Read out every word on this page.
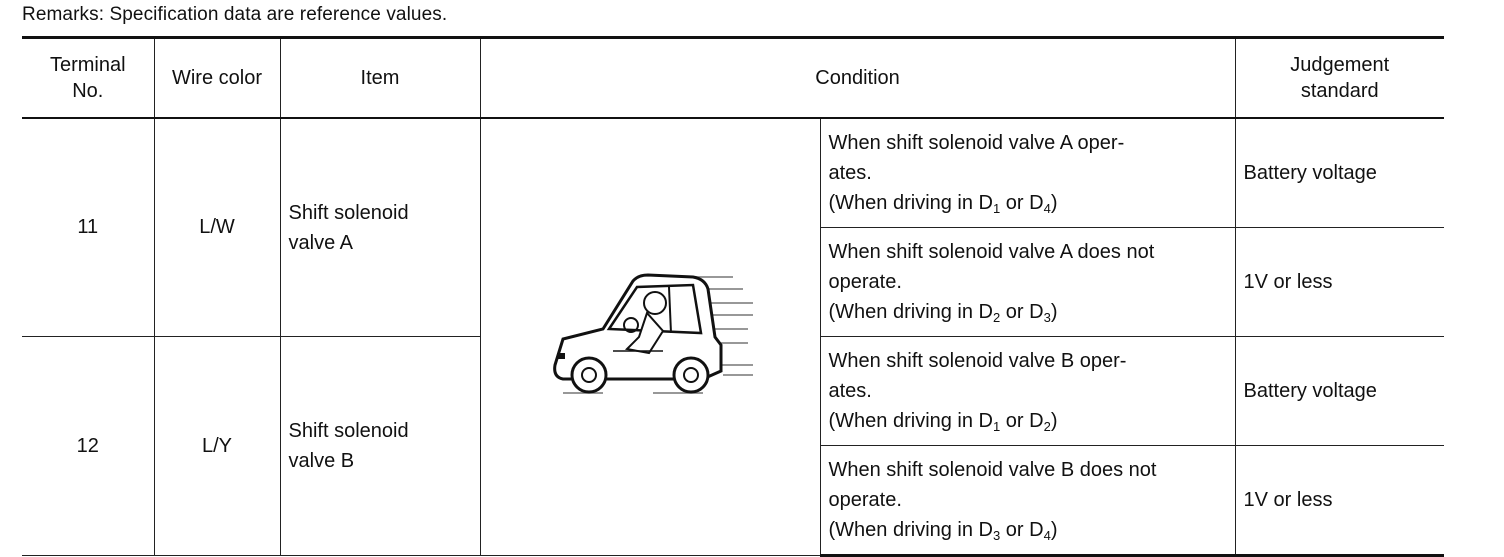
Remarks: Specification data are reference values.
Terminal
No.	Wire color	Item	Condition		Judgement
standard

11	L/W	Shift solenoid
valve A		When shift solenoid valve A oper-
ates.
(When driving in $D_1$ or $D_4$)	Battery voltage

				When shift solenoid valve A does not
operate.
(When driving in $D_2$ or $D_3$)	1V or less
12	L/Y	Shift solenoid
valve B		When shift solenoid valve B oper-
ates.
(When driving in $D_1$ or $D_2$)	Battery voltage

				When shift solenoid valve B does not
operate.
(When driving in $D_3$ or $D_4$)	1V or less
